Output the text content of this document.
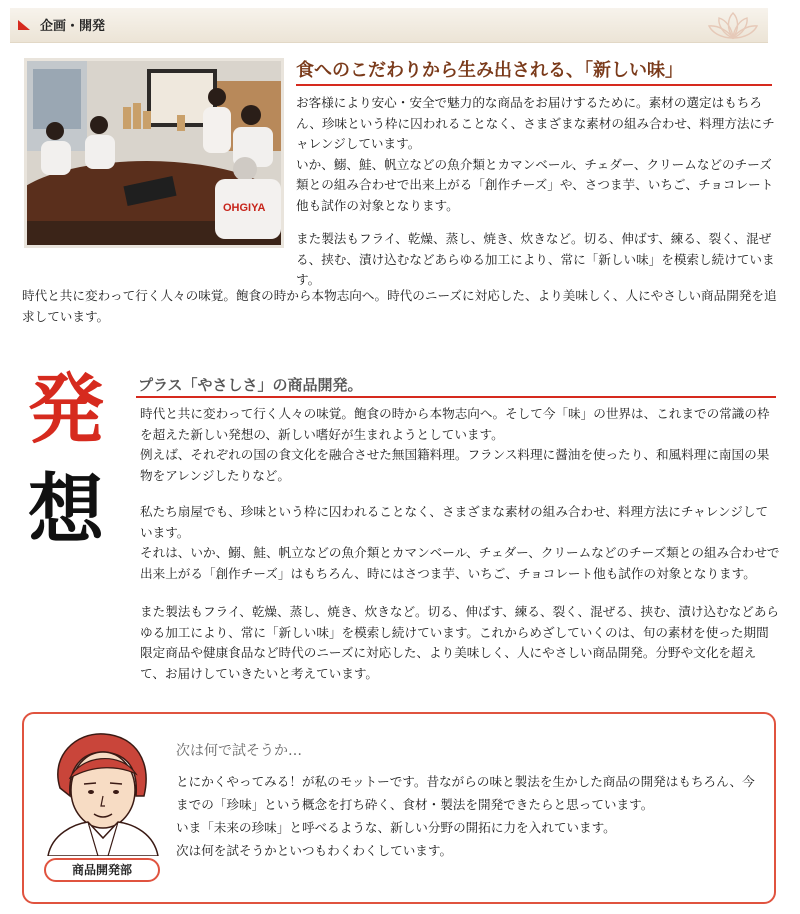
企画・開発
OHGIYA
食へのこだわりから生み出される、「新しい味」
お客様により安心・安全で魅力的な商品をお届けするために。素材の選定はもちろん、珍味という枠に囚われることなく、さまざまな素材の組み合わせ、料理方法にチャレンジしています。
いか、鰯、鮭、帆立などの魚介類とカマンベール、チェダー、クリームなどのチーズ類との組み合わせで出来上がる「創作チーズ」や、さつま芋、いちご、チョコレート他も試作の対象となります。
また製法もフライ、乾燥、蒸し、焼き、炊きなど。切る、伸ばす、練る、裂く、混ぜる、挟む、漬け込むなどあらゆる加工により、常に「新しい味」を模索し続けています。
時代と共に変わって行く人々の味覚。飽食の時から本物志向へ。時代のニーズに対応した、より美味しく、人にやさしい商品開発を追求しています。
発
想
プラス「やさしさ」の商品開発。
時代と共に変わって行く人々の味覚。飽食の時から本物志向へ。そして今「味」の世界は、これまでの常識の枠を超えた新しい発想の、新しい嗜好が生まれようとしています。
例えば、それぞれの国の食文化を融合させた無国籍料理。フランス料理に醤油を使ったり、和風料理に南国の果物をアレンジしたりなど。
私たち扇屋でも、珍味という枠に囚われることなく、さまざまな素材の組み合わせ、料理方法にチャレンジしています。
それは、いか、鰯、鮭、帆立などの魚介類とカマンベール、チェダー、クリームなどのチーズ類との組み合わせで出来上がる「創作チーズ」はもちろん、時にはさつま芋、いちご、チョコレート他も試作の対象となります。
また製法もフライ、乾燥、蒸し、焼き、炊きなど。切る、伸ばす、練る、裂く、混ぜる、挟む、漬け込むなどあらゆる加工により、常に「新しい味」を模索し続けています。これからめざしていくのは、旬の素材を使った期間限定商品や健康食品など時代のニーズに対応した、より美味しく、人にやさしい商品開発。分野や文化を超えて、お届けしていきたいと考えています。
商品開発部
次は何で試そうか…
とにかくやってみる！が私のモットーです。昔ながらの味と製法を生かした商品の開発はもちろん、今までの「珍味」という概念を打ち砕く、食材・製法を開発できたらと思っています。
いま「未来の珍味」と呼べるような、新しい分野の開拓に力を入れています。
次は何を試そうかといつもわくわくしています。
